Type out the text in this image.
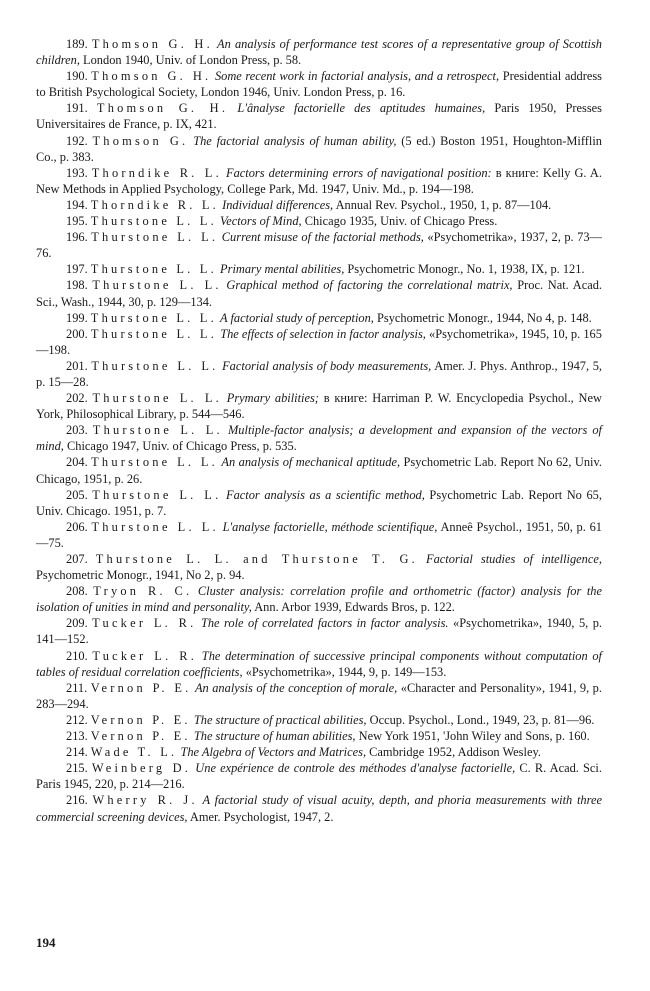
189. Thomson G. H. An analysis of performance test scores of a representative group of Scottish children, London 1940, Univ. of London Press, p. 58.
190. Thomson G. H. Some recent work in factorial analysis, and a retrospect, Presidential address to British Psychological Society, London 1946, Univ. London Press, p. 16.
191. Thomson G. H. L'ânalyse factorielle des aptitudes humaines, Paris 1950, Presses Universitaires de France, p. IX, 421.
192. Thomson G. The factorial analysis of human ability, (5 ed.) Boston 1951, Houghton-Mifflin Co., p. 383.
193. Thorndike R. L. Factors determining errors of navigational position: в книге: Kelly G. A. New Methods in Applied Psychology, College Park, Md. 1947, Univ. Md., p. 194—198.
194. Thorndike R. L. Individual differences, Annual Rev. Psychol., 1950, 1, p. 87—104.
195. Thurstone L. L. Vectors of Mind, Chicago 1935, Univ. of Chicago Press.
196. Thurstone L. L. Current misuse of the factorial methods, «Psychometrika», 1937, 2, p. 73—76.
197. Thurstone L. L. Primary mental abilities, Psychometric Monogr., No. 1, 1938, IX, p. 121.
198. Thurstone L. L. Graphical method of factoring the correlational matrix, Proc. Nat. Acad. Sci., Wash., 1944, 30, p. 129—134.
199. Thurstone L. L. A factorial study of perception, Psychometric Monogr., 1944, No 4, p. 148.
200. Thurstone L. L. The effects of selection in factor analysis, «Psychometrika», 1945, 10, p. 165—198.
201. Thurstone L. L. Factorial analysis of body measurements, Amer. J. Phys. Anthrop., 1947, 5, p. 15—28.
202. Thurstone L. L. Prymary abilities; в книге: Harriman P. W. Encyclopedia Psychol., New York, Philosophical Library, p. 544—546.
203. Thurstone L. L. Multiple-factor analysis; a development and expansion of the vectors of mind, Chicago 1947, Univ. of Chicago Press, p. 535.
204. Thurstone L. L. An analysis of mechanical aptitude, Psychometric Lab. Report No 62, Univ. Chicago, 1951, p. 26.
205. Thurstone L. L. Factor analysis as a scientific method, Psychometric Lab. Report No 65, Univ. Chicago. 1951, p. 7.
206. Thurstone L. L. L'analyse factorielle, méthode scientifique, Anneê Psychol., 1951, 50, p. 61—75.
207. Thurstone L. L. and Thurstone T. G. Factorial studies of intelligence, Psychometric Monogr., 1941, No 2, p. 94.
208. Tryon R. C. Cluster analysis: correlation profile and orthometric (factor) analysis for the isolation of unities in mind and personality, Ann. Arbor 1939, Edwards Bros, p. 122.
209. Tucker L. R. The role of correlated factors in factor analysis. «Psychometrika», 1940, 5, p. 141—152.
210. Tucker L. R. The determination of successive principal components without computation of tables of residual correlation coefficients, «Psychometrika», 1944, 9, p. 149—153.
211. Vernon P. E. An analysis of the conception of morale, «Character and Personality», 1941, 9, p. 283—294.
212. Vernon P. E. The structure of practical abilities, Occup. Psychol., Lond., 1949, 23, p. 81—96.
213. Vernon P. E. The structure of human abilities, New York 1951, 'John Wiley and Sons, p. 160.
214. Wade T. L. The Algebra of Vectors and Matrices, Cambridge 1952, Addison Wesley.
215. Weinberg D. Une expérience de controle des méthodes d'analyse factorielle, C. R. Acad. Sci. Paris 1945, 220, p. 214—216.
216. Wherry R. J. A factorial study of visual acuity, depth, and phoria measurements with three commercial screening devices, Amer. Psychologist, 1947, 2.
194
